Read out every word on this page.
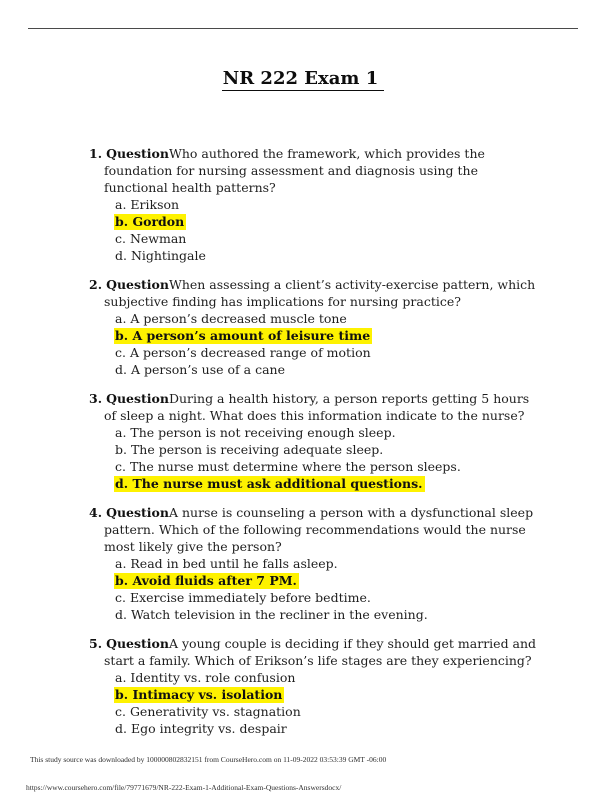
NR 222 Exam 1
1. QuestionWho authored the framework, which provides the foundation for nursing assessment and diagnosis using the functional health patterns?
a. Erikson
b. Gordon
c. Newman
d. Nightingale
2. QuestionWhen assessing a client’s activity-exercise pattern, which subjective finding has implications for nursing practice?
a. A person’s decreased muscle tone
b. A person’s amount of leisure time
c. A person’s decreased range of motion
d. A person’s use of a cane
3. QuestionDuring a health history, a person reports getting 5 hours of sleep a night. What does this information indicate to the nurse?
a. The person is not receiving enough sleep.
b. The person is receiving adequate sleep.
c. The nurse must determine where the person sleeps.
d. The nurse must ask additional questions.
4. QuestionA nurse is counseling a person with a dysfunctional sleep pattern. Which of the following recommendations would the nurse most likely give the person?
a. Read in bed until he falls asleep.
b. Avoid fluids after 7 PM.
c. Exercise immediately before bedtime.
d. Watch television in the recliner in the evening.
5. QuestionA young couple is deciding if they should get married and start a family. Which of Erikson’s life stages are they experiencing?
a. Identity vs. role confusion
b. Intimacy vs. isolation
c. Generativity vs. stagnation
d. Ego integrity vs. despair
This study source was downloaded by 100000802832151 from CourseHero.com on 11-09-2022 03:53:39 GMT -06:00
https://www.coursehero.com/file/79771679/NR-222-Exam-1-Additional-Exam-Questions-Answersdocx/
